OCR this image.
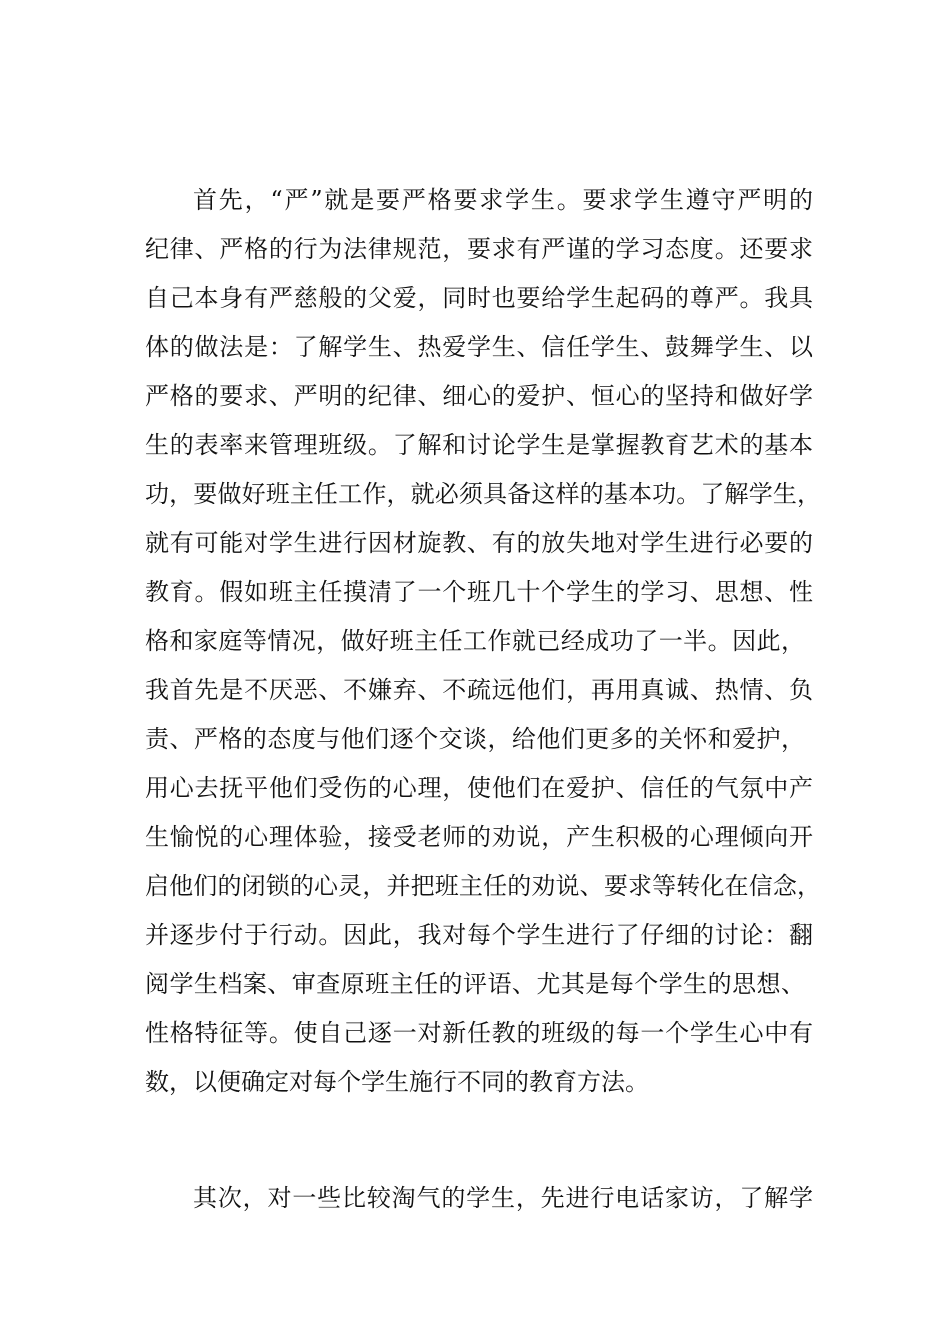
首先，“严”就是要严格要求学生。要求学生遵守严明的
纪律、严格的行为法律规范，要求有严谨的学习态度。还要求
自己本身有严慈般的父爱，同时也要给学生起码的尊严。我具
体的做法是：了解学生、热爱学生、信任学生、鼓舞学生、以
严格的要求、严明的纪律、细心的爱护、恒心的坚持和做好学
生的表率来管理班级。了解和讨论学生是掌握教育艺术的基本
功，要做好班主任工作，就必须具备这样的基本功。了解学生，
就有可能对学生进行因材旋教、有的放失地对学生进行必要的
教育。假如班主任摸清了一个班几十个学生的学习、思想、性
格和家庭等情况，做好班主任工作就已经成功了一半。因此，
我首先是不厌恶、不嫌弃、不疏远他们，再用真诚、热情、负
责、严格的态度与他们逐个交谈，给他们更多的关怀和爱护，
用心去抚平他们受伤的心理，使他们在爱护、信任的气氛中产
生愉悦的心理体验，接受老师的劝说，产生积极的心理倾向开
启他们的闭锁的心灵，并把班主任的劝说、要求等转化在信念，
并逐步付于行动。因此，我对每个学生进行了仔细的讨论：翻
阅学生档案、审查原班主任的评语、尤其是每个学生的思想、
性格特征等。使自己逐一对新任教的班级的每一个学生心中有
数，以便确定对每个学生施行不同的教育方法。
其次，对一些比较淘气的学生，先进行电话家访，了解学
